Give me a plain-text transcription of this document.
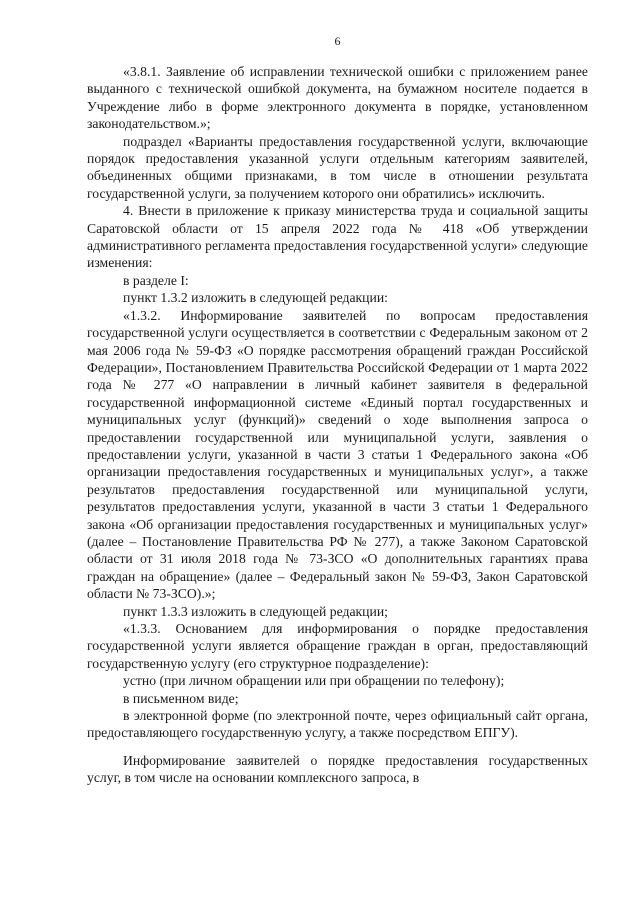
6

«3.8.1. Заявление об исправлении технической ошибки с приложением ранее выданного с технической ошибкой документа, на бумажном носителе подается в Учреждение либо в форме электронного документа в порядке, установленном законодательством.»;

подраздел «Варианты предоставления государственной услуги, включающие порядок предоставления указанной услуги отдельным категориям заявителей, объединенных общими признаками, в том числе в отношении результата государственной услуги, за получением которого они обратились» исключить.

4. Внести в приложение к приказу министерства труда и социальной защиты Саратовской области от 15 апреля 2022 года № 418 «Об утверждении административного регламента предоставления государственной услуги» следующие изменения:

в разделе I:

пункт 1.3.2 изложить в следующей редакции:

«1.3.2. Информирование заявителей по вопросам предоставления государственной услуги осуществляется в соответствии с Федеральным законом от 2 мая 2006 года № 59-ФЗ «О порядке рассмотрения обращений граждан Российской Федерации», Постановлением Правительства Российской Федерации от 1 марта 2022 года № 277 «О направлении в личный кабинет заявителя в федеральной государственной информационной системе «Единый портал государственных и муниципальных услуг (функций)» сведений о ходе выполнения запроса о предоставлении государственной или муниципальной услуги, заявления о предоставлении услуги, указанной в части 3 статьи 1 Федерального закона «Об организации предоставления государственных и муниципальных услуг», а также результатов предоставления государственной или муниципальной услуги, результатов предоставления услуги, указанной в части 3 статьи 1 Федерального закона «Об организации предоставления государственных и муниципальных услуг» (далее – Постановление Правительства РФ № 277), а также Законом Саратовской области от 31 июля 2018 года № 73-ЗСО «О дополнительных гарантиях права граждан на обращение» (далее – Федеральный закон № 59-ФЗ, Закон Саратовской области № 73-ЗСО).»;

пункт 1.3.3 изложить в следующей редакции;

«1.3.3. Основанием для информирования о порядке предоставления государственной услуги является обращение граждан в орган, предоставляющий государственную услугу (его структурное подразделение):

устно (при личном обращении или при обращении по телефону);

в письменном виде;

в электронной форме (по электронной почте, через официальный сайт органа, предоставляющего государственную услугу, а также посредством ЕПГУ).

Информирование заявителей о порядке предоставления государственных услуг, в том числе на основании комплексного запроса, в
